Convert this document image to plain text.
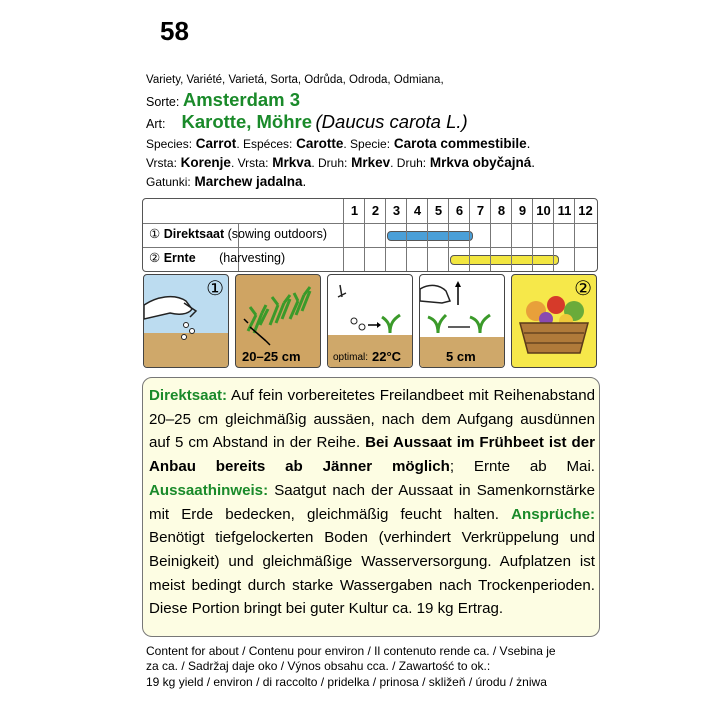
58
Variety, Variété, Varietá, Sorta, Odrůda, Odroda, Odmiana,
Sorte: Amsterdam 3
Art: Karotte, Möhre (Daucus carota L.)
Species: Carrot. Espéces: Carotte. Specie: Carota commestibile.
Vrsta: Korenje. Vrsta: Mrkva. Druh: Mrkev. Druh: Mrkva obyčajná.
Gatunki: Marchew jadalna.
1	2	3	4	5	6	7	8	9 10 11 12
① Direktsaat (sowing outdoors)
② Ernte (harvesting)
①
20–25 cm	optimal: 22°C	5 cm
②

Direktsaat: Auf fein vorbereitetes Freilandbeet mit Reihenabstand 20–25 cm gleichmäßig aussäen, nach dem Aufgang ausdünnen auf 5 cm Abstand in der Reihe. Bei Aussaat im Frühbeet ist der Anbau bereits ab Jänner möglich; Ernte ab Mai. Aussaathinweis: Saatgut nach der Aussaat in Samenkornstärke mit Erde bedecken, gleichmäßig feucht halten. Ansprüche: Benötigt tiefgelockerten Boden (verhindert Verkrüppelung und Beinigkeit) und gleichmäßige Wasserversorgung. Aufplatzen ist meist bedingt durch starke Wassergaben nach Trockenperioden. Diese Portion bringt bei guter Kultur ca. 19 kg Ertrag.

Content for about / Contenu pour environ / Il contenuto rende ca. / Vsebina je
za ca. / Sadržaj daje oko / Výnos obsahu cca. / Zawartość to ok.:
19 kg yield / environ / di raccolto / pridelka / prinosa / skližeň / úrodu / żniwa
